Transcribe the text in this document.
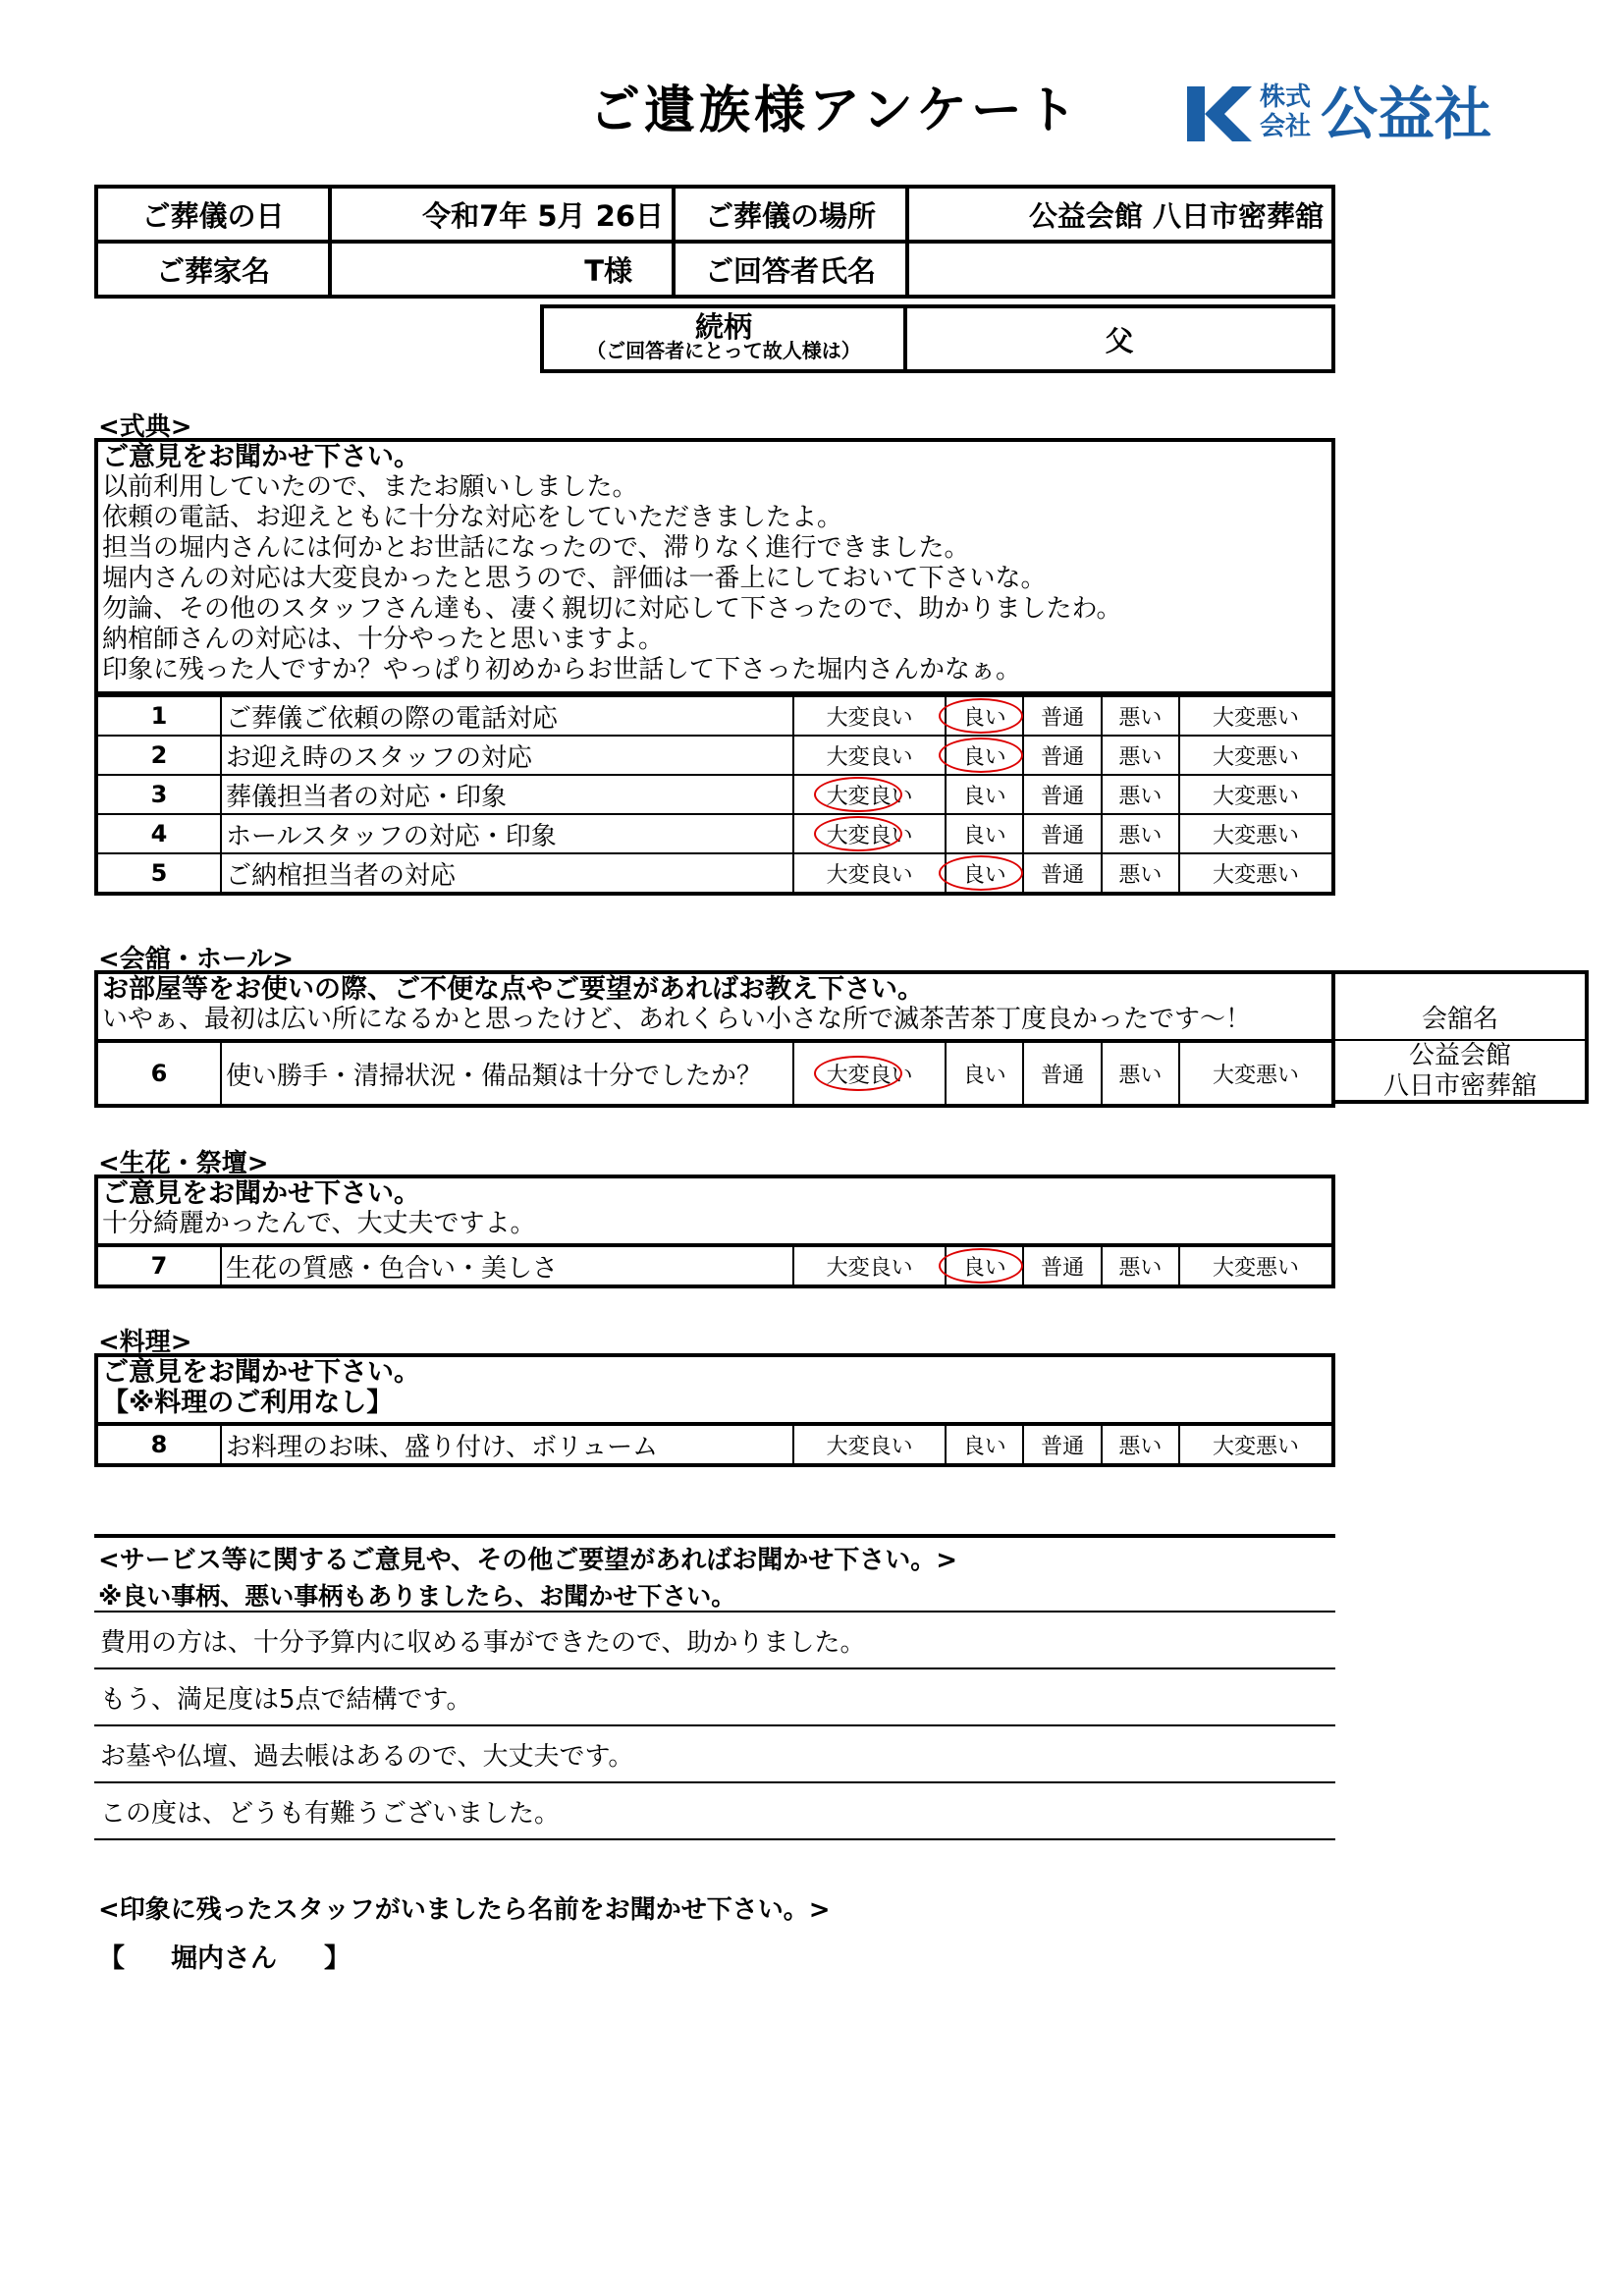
ご遺族様アンケート	株式
会社 公益社
ご葬儀の日	令和7年 5月 26日	ご葬儀の場所	公益会館 八日市密葬舘
ご葬家名	T様	ご回答者氏名	
続柄
（ご回答者にとって故人様は）	父
<式典>
ご意見をお聞かせ下さい。
以前利用していたので、またお願いしました。
依頼の電話、お迎えともに十分な対応をしていただきましたよ。
担当の堀内さんには何かとお世話になったので、滞りなく進行できました。
堀内さんの対応は大変良かったと思うので、評価は一番上にしておいて下さいな。
勿論、その他のスタッフさん達も、凄く親切に対応して下さったので、助かりましたわ。
納棺師さんの対応は、十分やったと思いますよ。
印象に残った人ですか？やっぱり初めからお世話して下さった堀内さんかなぁ。
1	ご葬儀ご依頼の際の電話対応	大変良い	良い	普通	悪い	大変悪い
2	お迎え時のスタッフの対応	大変良い	良い	普通	悪い	大変悪い
3	葬儀担当者の対応・印象	大変良い	良い	普通	悪い	大変悪い
4	ホールスタッフの対応・印象	大変良い	良い	普通	悪い	大変悪い
5	ご納棺担当者の対応	大変良い	良い	普通	悪い	大変悪い
<会舘・ホール>
お部屋等をお使いの際、ご不便な点やご要望があればお教え下さい。
いやぁ、最初は広い所になるかと思ったけど、あれくらい小さな所で滅茶苦茶丁度良かったです～！	会舘名
公益会館
八日市密葬舘
6	使い勝手・清掃状況・備品類は十分でしたか？	大変良い	良い	普通	悪い	大変悪い
<生花・祭壇>
ご意見をお聞かせ下さい。
十分綺麗かったんで、大丈夫ですよ。
7	生花の質感・色合い・美しさ	大変良い	良い	普通	悪い	大変悪い
<料理>
ご意見をお聞かせ下さい。
【※料理のご利用なし】
8	お料理のお味、盛り付け、ボリューム	大変良い	良い	普通	悪い	大変悪い
<サービス等に関するご意見や、その他ご要望があればお聞かせ下さい。>
※良い事柄、悪い事柄もありましたら、お聞かせ下さい。
費用の方は、十分予算内に収める事ができたので、助かりました。
もう、満足度は5点で結構です。
お墓や仏壇、過去帳はあるので、大丈夫です。
この度は、どうも有難うございました。
<印象に残ったスタッフがいましたら名前をお聞かせ下さい。>
【 堀内さん 】
